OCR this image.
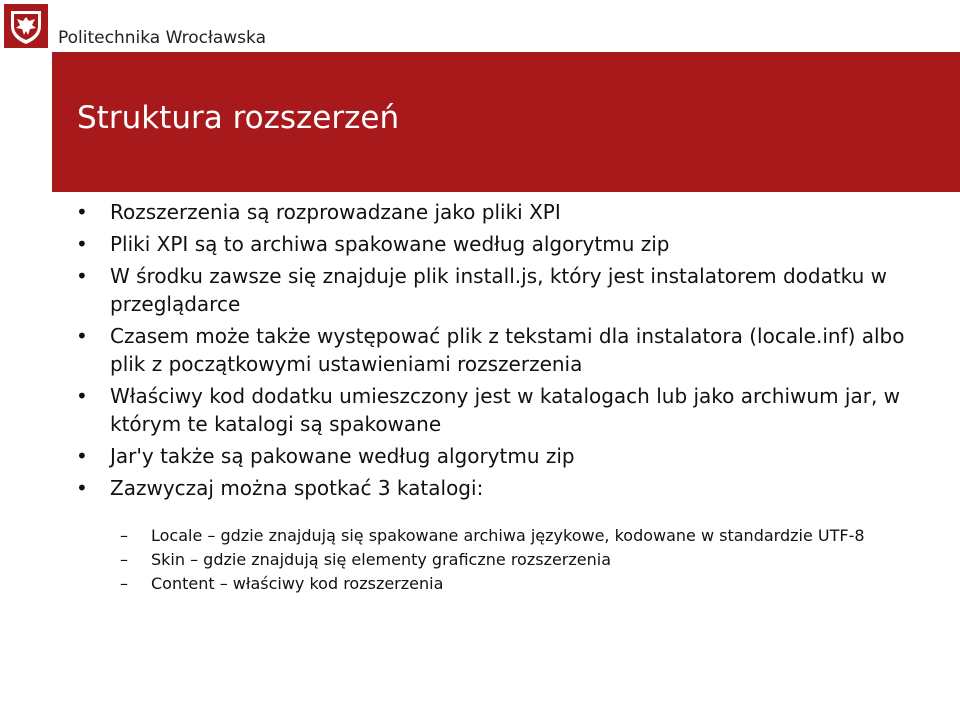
Politechnika Wrocławska
Struktura rozszerzeń
• Rozszerzenia są rozprowadzane jako pliki XPI
• Pliki XPI są to archiwa spakowane według algorytmu zip
• W środku zawsze się znajduje plik install.js, który jest instalatorem dodatku w przeglądarce
• Czasem może także występować plik z tekstami dla instalatora (locale.inf) albo plik z początkowymi ustawieniami rozszerzenia
• Właściwy kod dodatku umieszczony jest w katalogach lub jako archiwum jar, w którym te katalogi są spakowane
• Jar'y także są pakowane według algorytmu zip
• Zazwyczaj można spotkać 3 katalogi:
– Locale – gdzie znajdują się spakowane archiwa językowe, kodowane w standardzie UTF-8
– Skin – gdzie znajdują się elementy graficzne rozszerzenia
– Content – właściwy kod rozszerzenia
